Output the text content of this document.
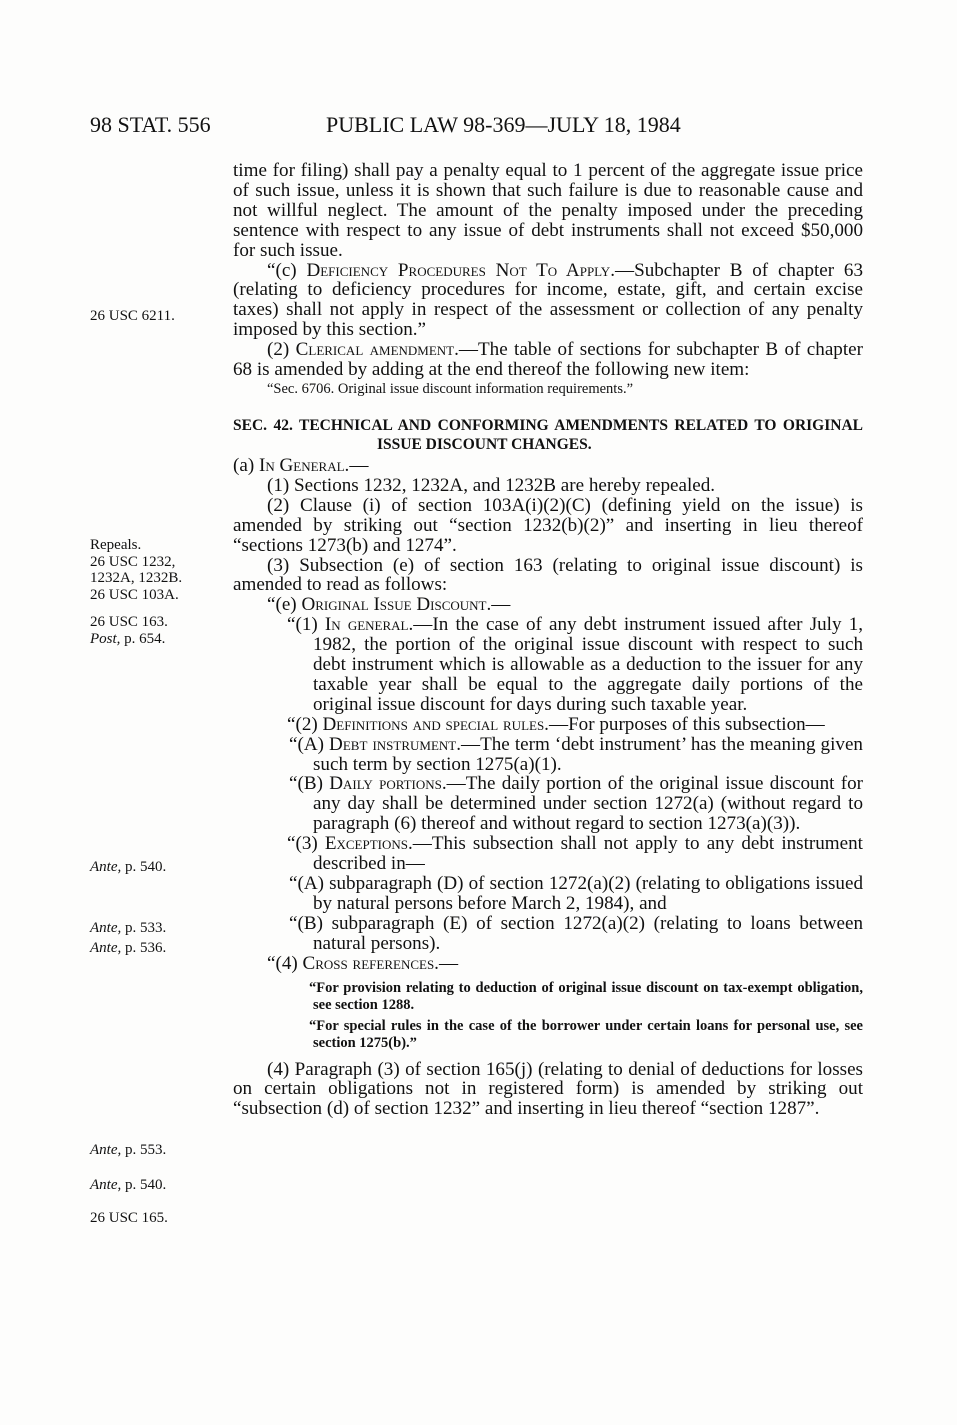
98 STAT. 556	PUBLIC LAW 98-369—JULY 18, 1984
26 USC 6211.
Repeals.
26 USC 1232,
1232A, 1232B.
26 USC 103A.
26 USC 163.
Post, p. 654.
Ante, p. 540.
Ante, p. 533.
Ante, p. 536.
Ante, p. 553.
Ante, p. 540.
26 USC 165.

time for filing) shall pay a penalty equal to 1 percent of the aggregate issue price of such issue, unless it is shown that such failure is due to reasonable cause and not willful neglect. The amount of the penalty imposed under the preceding sentence with respect to any issue of debt instruments shall not exceed $50,000 for such issue.

“(c) Deficiency Procedures Not To Apply.—Subchapter B of chapter 63 (relating to deficiency procedures for income, estate, gift, and certain excise taxes) shall not apply in respect of the assessment or collection of any penalty imposed by this section.”

(2) Clerical amendment.—The table of sections for subchapter B of chapter 68 is amended by adding at the end thereof the following new item:

“Sec. 6706. Original issue discount information requirements.”

SEC. 42. TECHNICAL AND CONFORMING AMENDMENTS RELATED TO ORIGINAL ISSUE DISCOUNT CHANGES.

(a) In General.—

(1) Sections 1232, 1232A, and 1232B are hereby repealed.

(2) Clause (i) of section 103A(i)(2)(C) (defining yield on the issue) is amended by striking out “section 1232(b)(2)” and inserting in lieu thereof “sections 1273(b) and 1274”.

(3) Subsection (e) of section 163 (relating to original issue discount) is amended to read as follows:

“(e) Original Issue Discount.—

“(1) In general.—In the case of any debt instrument issued after July 1, 1982, the portion of the original issue discount with respect to such debt instrument which is allowable as a deduction to the issuer for any taxable year shall be equal to the aggregate daily portions of the original issue discount for days during such taxable year.

“(2) Definitions and special rules.—For purposes of this subsection—

“(A) Debt instrument.—The term ‘debt instrument’ has the meaning given such term by section 1275(a)(1).

“(B) Daily portions.—The daily portion of the original issue discount for any day shall be determined under section 1272(a) (without regard to paragraph (6) thereof and without regard to section 1273(a)(3)).

“(3) Exceptions.—This subsection shall not apply to any debt instrument described in—

“(A) subparagraph (D) of section 1272(a)(2) (relating to obligations issued by natural persons before March 2, 1984), and

“(B) subparagraph (E) of section 1272(a)(2) (relating to loans between natural persons).

“(4) Cross references.—

“For provision relating to deduction of original issue discount on tax-exempt obligation, see section 1288.

“For special rules in the case of the borrower under certain loans for personal use, see section 1275(b).”

(4) Paragraph (3) of section 165(j) (relating to denial of deductions for losses on certain obligations not in registered form) is amended by striking out “subsection (d) of section 1232” and inserting in lieu thereof “section 1287”.
